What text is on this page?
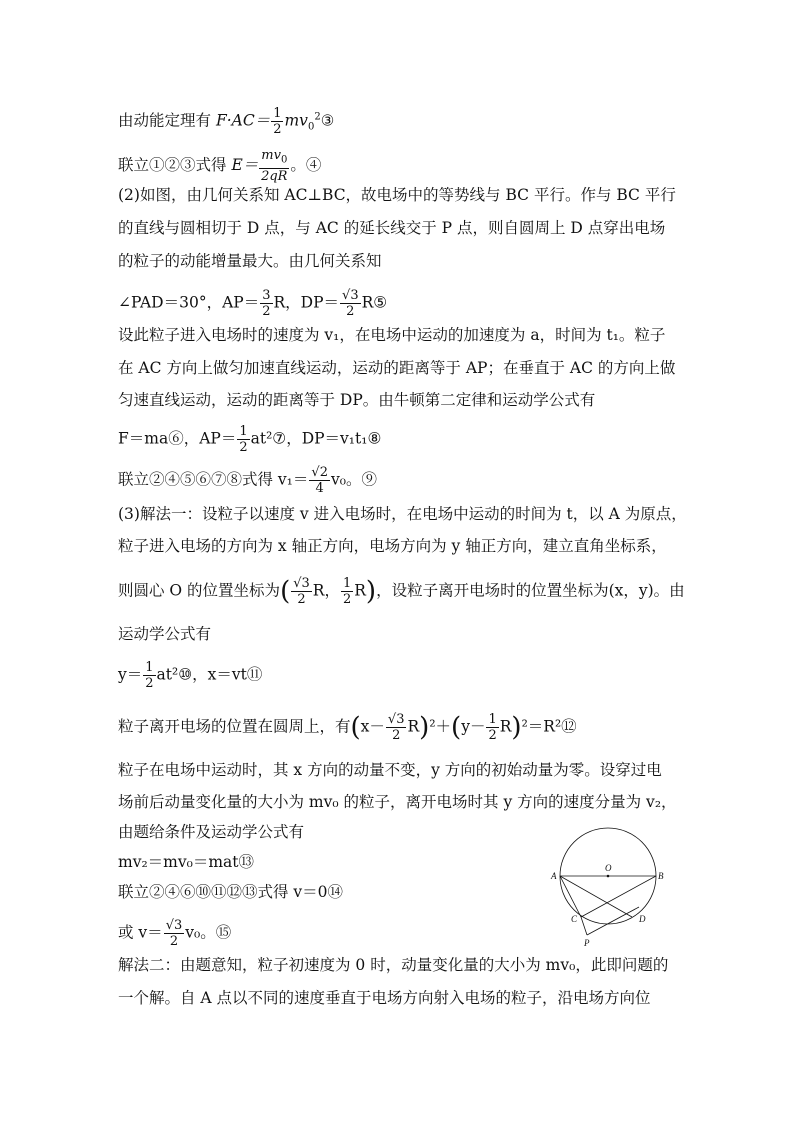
由动能定理有 $F\cdot AC= \frac{1}{2}$ $mv_0^2③$
联立①②③式得 $E= \frac{mv_0}{2qR}$ 。④
(2)如图，由几何关系知 AC⊥BC，故电场中的等势线与 BC 平行。作与 BC 平行
的直线与圆相切于 D 点，与 AC 的延长线交于 P 点，则自圆周上 D 点穿出电场
的粒子的动能增量最大。由几何关系知
∠PAD＝30°，$AP= \frac{3}{2}$ R，$DP= \frac{√3}{2}$ R⑤
设此粒子进入电场时的速度为 v₁，在电场中运动的加速度为 a，时间为 t₁。粒子
在 AC 方向上做匀加速直线运动，运动的距离等于 AP；在垂直于 AC 的方向上做
匀速直线运动，运动的距离等于 DP。由牛顿第二定律和运动学公式有
F＝ma⑥，$AP= \frac{1}{2}$ at²⑦，DP＝v₁t₁⑧
联立②④⑤⑥⑦⑧式得 $v_1= \frac{√2}{4} v_0$。⑨
(3)解法一：设粒子以速度 v 进入电场时，在电场中运动的时间为 t，以 A 为原点，
粒子进入电场的方向为 x 轴正方向，电场方向为 y 轴正方向，建立直角坐标系，
则圆心 O 的位置坐标为( $\frac{√3}{2}$ R， $\frac{1}{2} R$)，设粒子离开电场时的位置坐标为(x，y)。由
运动学公式有
$y= \frac{1}{2}$ at²⑩，x＝vt⑪
粒子离开电场的位置在圆周上，有$(x- \frac{√3}{2} R)^2+(y- \frac{1}{2}$ R)²＝R²⑫
粒子在电场中运动时，其 x 方向的动量不变，y 方向的初始动量为零。设穿过电
场前后动量变化量的大小为 mv₀ 的粒子，离开电场时其 y 方向的速度分量为 v₂，
由题给条件及运动学公式有
mv₂＝mv₀＝mat⑬
联立②④⑥⑩⑪⑫⑬式得 v＝0⑭
或 $v= \frac{√3}{2} v_0$。⑮
解法二：由题意知，粒子初速度为 0 时，动量变化量的大小为 mv₀，此即问题的
一个解。自 A 点以不同的速度垂直于电场方向射入电场的粒子，沿电场方向位
O
A	B
C	D
P
